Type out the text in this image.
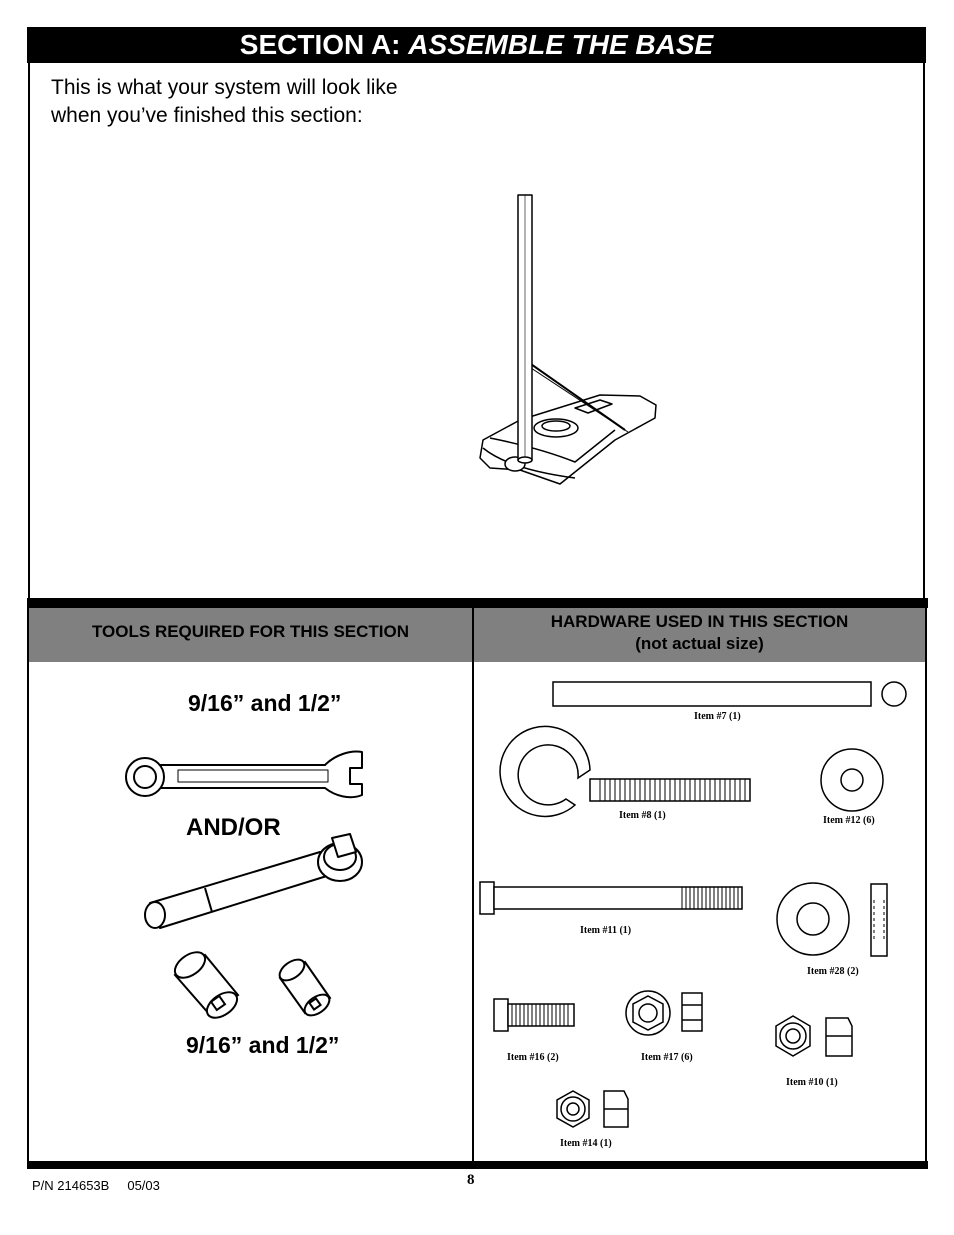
SECTION A: ASSEMBLE THE BASE
This is what your system will look like
when you’ve finished this section:
TOOLS REQUIRED FOR THIS SECTION
HARDWARE USED IN THIS SECTION
(not actual size)
9/16” and 1/2”
AND/OR
9/16” and 1/2”
Item #7 (1)
Item #8 (1)	Item #12 (6)
Item #11 (1)
Item #28 (2)
Item #16 (2)	Item #17 (6)
Item #10 (1)
Item #14 (1)
P/N 214653B 05/03	8
